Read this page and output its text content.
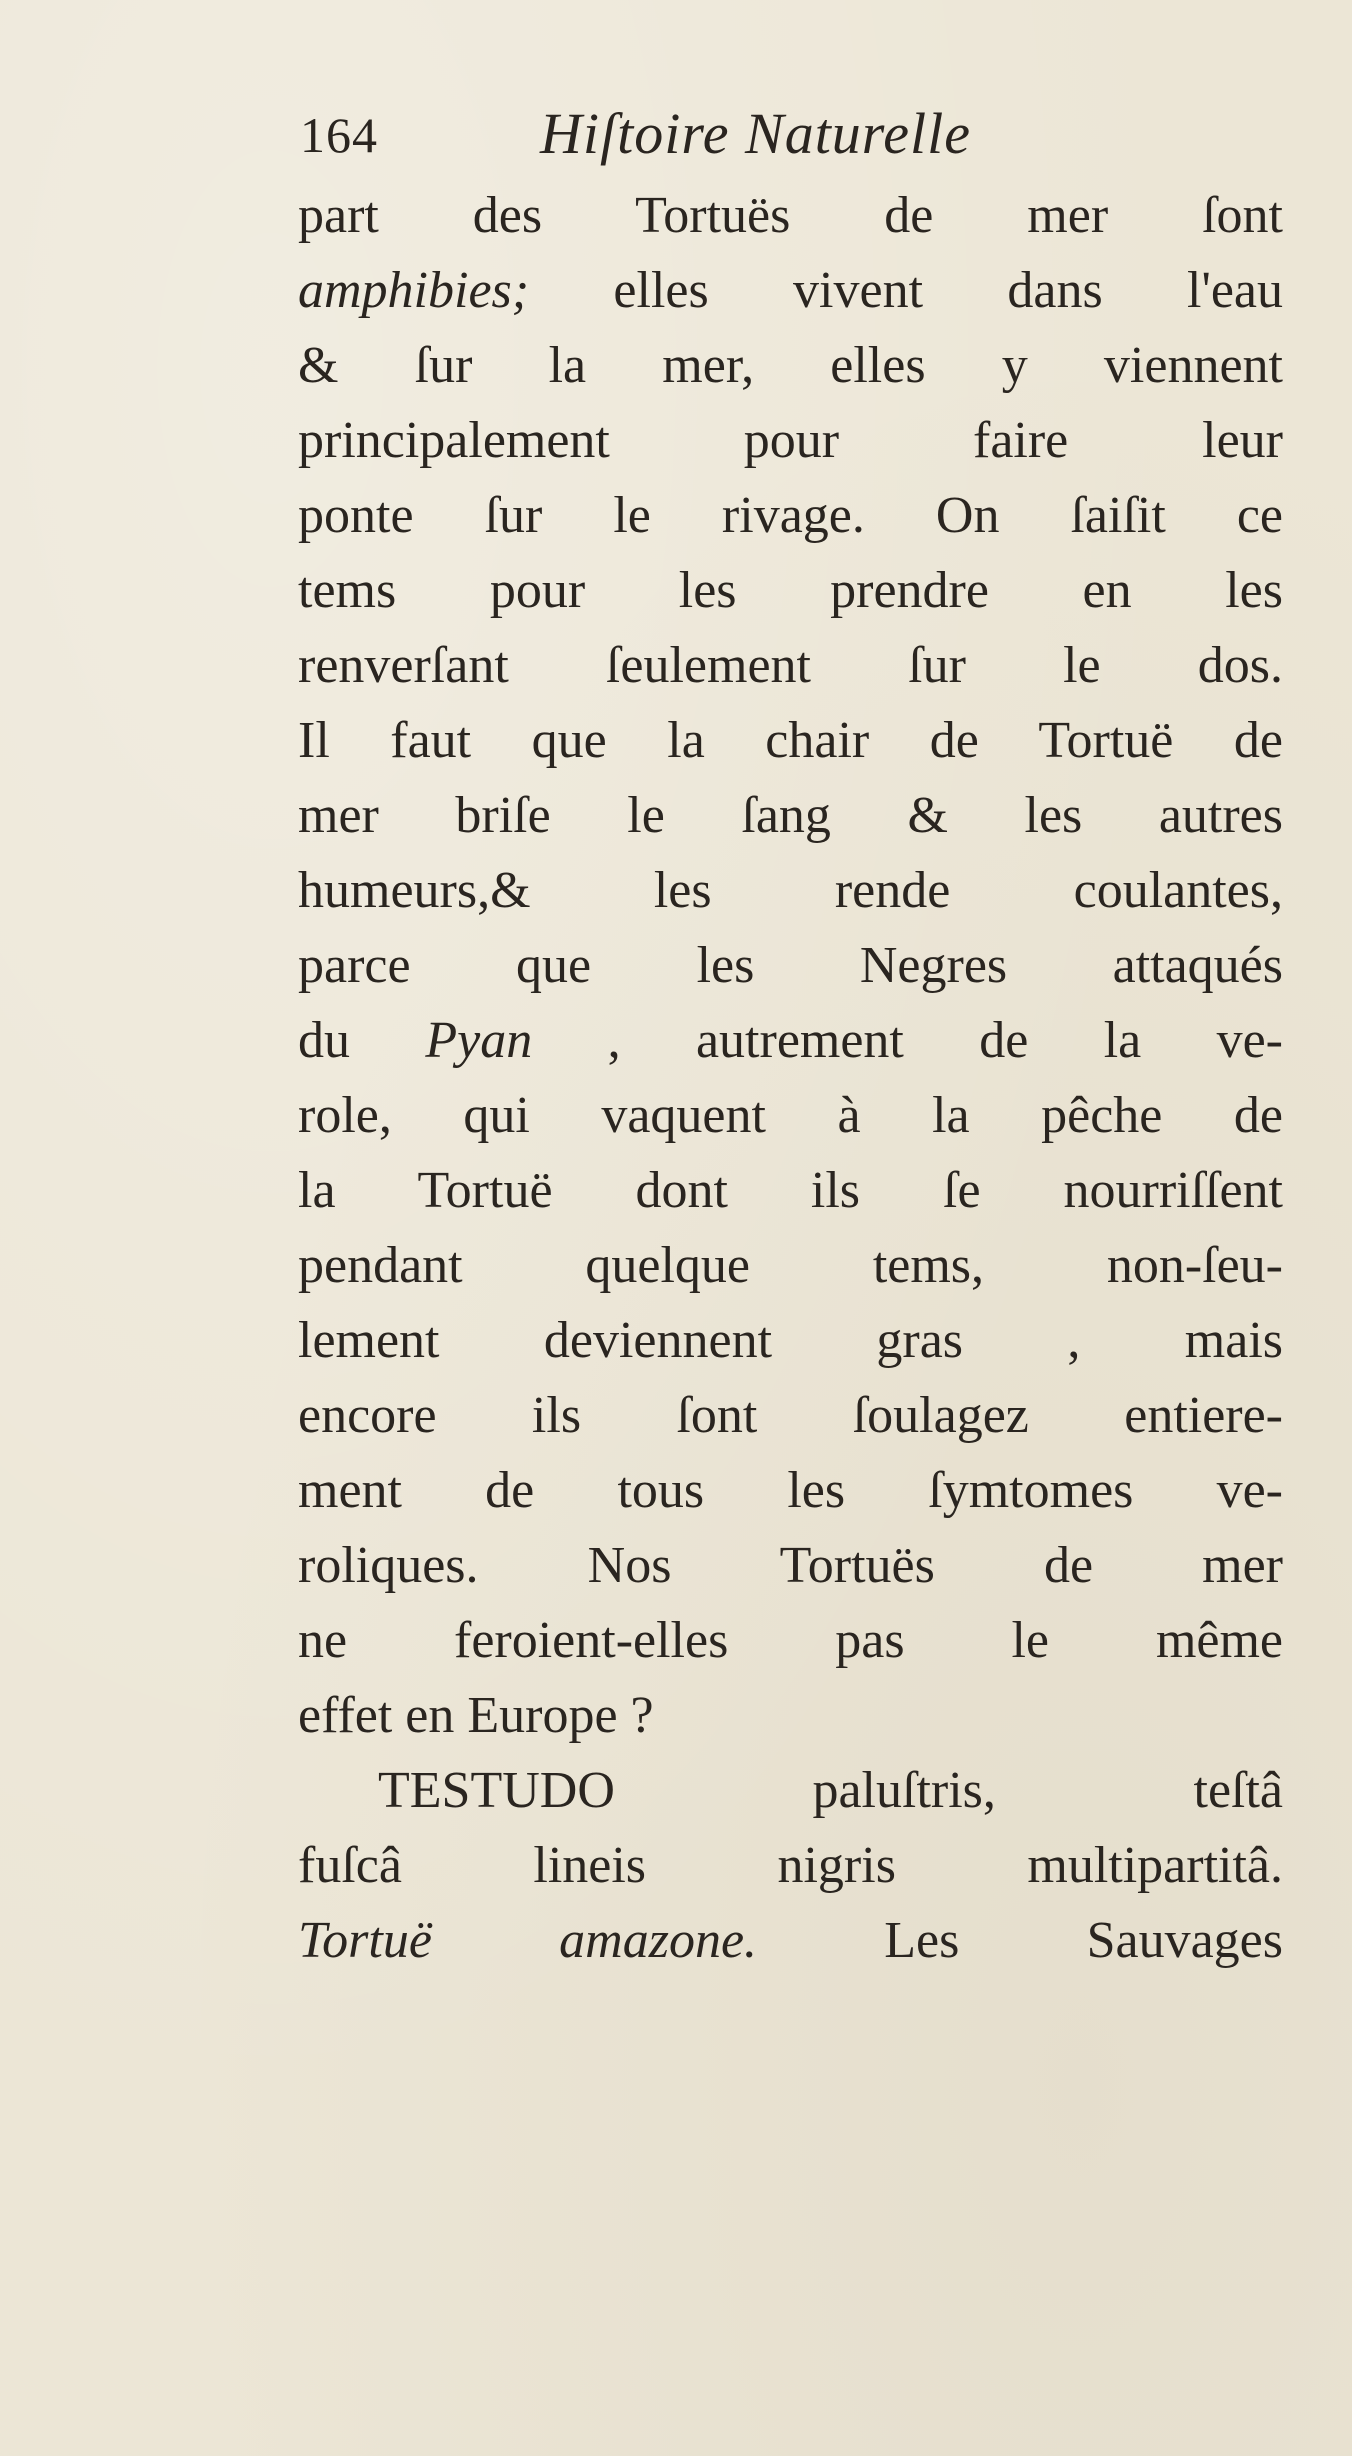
164	Hiſtoire Naturelle
part des Tortuës de mer ſont
amphibies; elles vivent dans l'eau
& ſur la mer, elles y viennent
principalement pour faire leur
ponte ſur le rivage. On ſaiſit ce
tems pour les prendre en les
renverſant ſeulement ſur le dos.
Il faut que la chair de Tortuë de
mer briſe le ſang & les autres
humeurs,& les rende coulantes,
parce que les Negres attaqués
du Pyan , autrement de la ve-
role, qui vaquent à la pêche de
la Tortuë dont ils ſe nourriſſent
pendant quelque tems, non-ſeu-
lement deviennent gras , mais
encore ils ſont ſoulagez entiere-
ment de tous les ſymtomes ve-
roliques. Nos Tortuës de mer
ne feroient-elles pas le même
effet en Europe ?
TESTUDO paluſtris, teſtâ
fuſcâ lineis nigris multipartitâ.
Tortuë amazone. Les Sauvages
